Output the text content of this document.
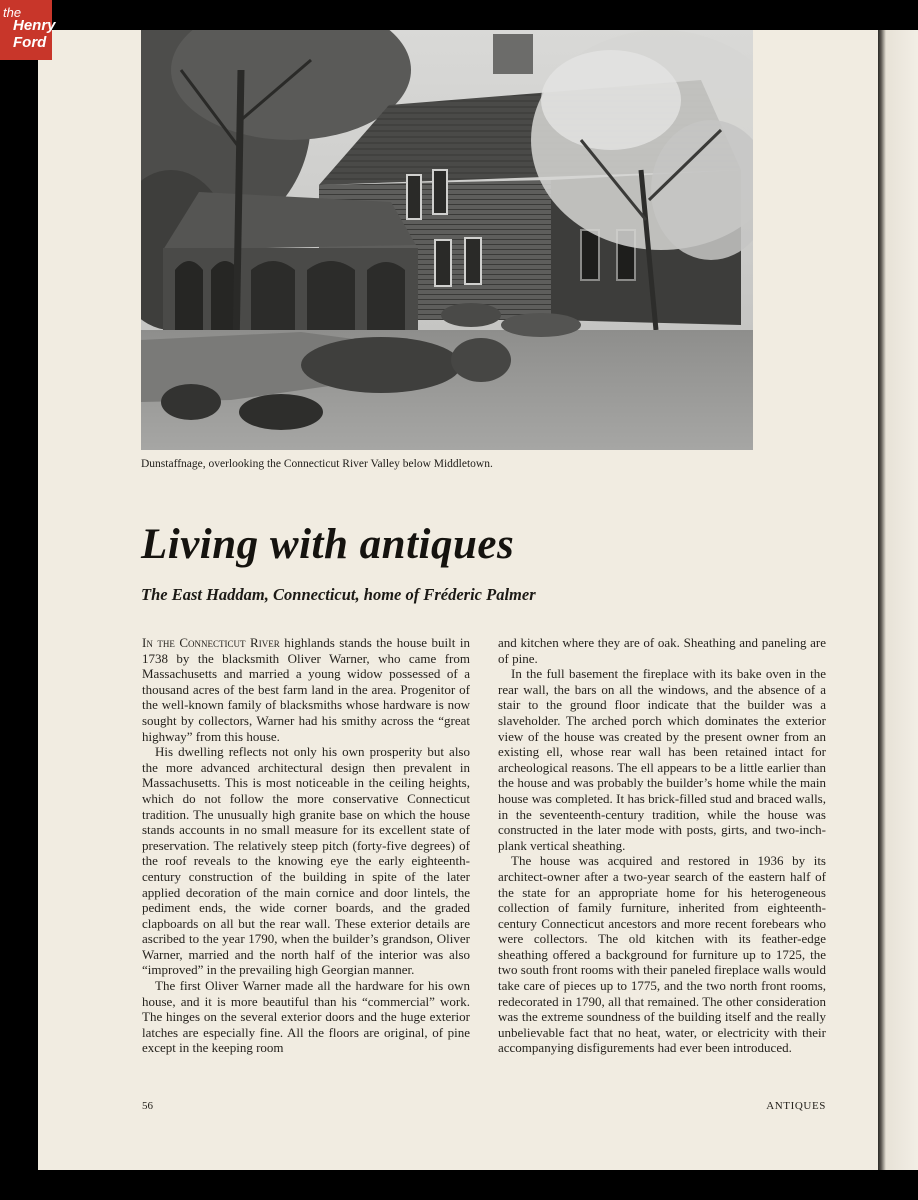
the
Henry
Ford
Dunstaffnage, overlooking the Connecticut River Valley below Middletown.
Living with antiques
The East Haddam, Connecticut, home of Fréderic Palmer

In the Connecticut River highlands stands the house built in 1738 by the blacksmith Oliver Warner, who came from Massachusetts and married a young widow possessed of a thousand acres of the best farm land in the area. Progenitor of the well-known family of blacksmiths whose hardware is now sought by collectors, Warner had his smithy across the “great highway” from this house.

His dwelling reflects not only his own prosperity but also the more advanced architectural design then prevalent in Massachusetts. This is most noticeable in the ceiling heights, which do not follow the more conservative Connecticut tradition. The unusually high granite base on which the house stands accounts in no small measure for its excellent state of preservation. The relatively steep pitch (forty-five degrees) of the roof reveals to the knowing eye the early eighteenth-century construction of the building in spite of the later applied decoration of the main cornice and door lintels, the pediment ends, the wide corner boards, and the graded clapboards on all but the rear wall. These exterior details are ascribed to the year 1790, when the builder’s grandson, Oliver Warner, married and the north half of the interior was also “improved” in the prevailing high Georgian manner.

The first Oliver Warner made all the hardware for his own house, and it is more beautiful than his “commercial” work. The hinges on the several exterior doors and the huge exterior latches are especially fine. All the floors are original, of pine except in the keeping room

and kitchen where they are of oak. Sheathing and paneling are of pine.

In the full basement the fireplace with its bake oven in the rear wall, the bars on all the windows, and the absence of a stair to the ground floor indicate that the builder was a slaveholder. The arched porch which dominates the exterior view of the house was created by the present owner from an existing ell, whose rear wall has been retained intact for archeological reasons. The ell appears to be a little earlier than the house and was probably the builder’s home while the main house was completed. It has brick-filled stud and braced walls, in the seventeenth-century tradition, while the house was constructed in the later mode with posts, girts, and two-inch-plank vertical sheathing.

The house was acquired and restored in 1936 by its architect-owner after a two-year search of the eastern half of the state for an appropriate home for his heterogeneous collection of family furniture, inherited from eighteenth-century Connecticut ancestors and more recent forebears who were collectors. The old kitchen with its feather-edge sheathing offered a background for furniture up to 1725, the two south front rooms with their paneled fireplace walls would take care of pieces up to 1775, and the two north front rooms, redecorated in 1790, all that remained. The other consideration was the extreme soundness of the building itself and the really unbelievable fact that no heat, water, or electricity with their accompanying disfigurements had ever been introduced.

56	ANTIQUES
